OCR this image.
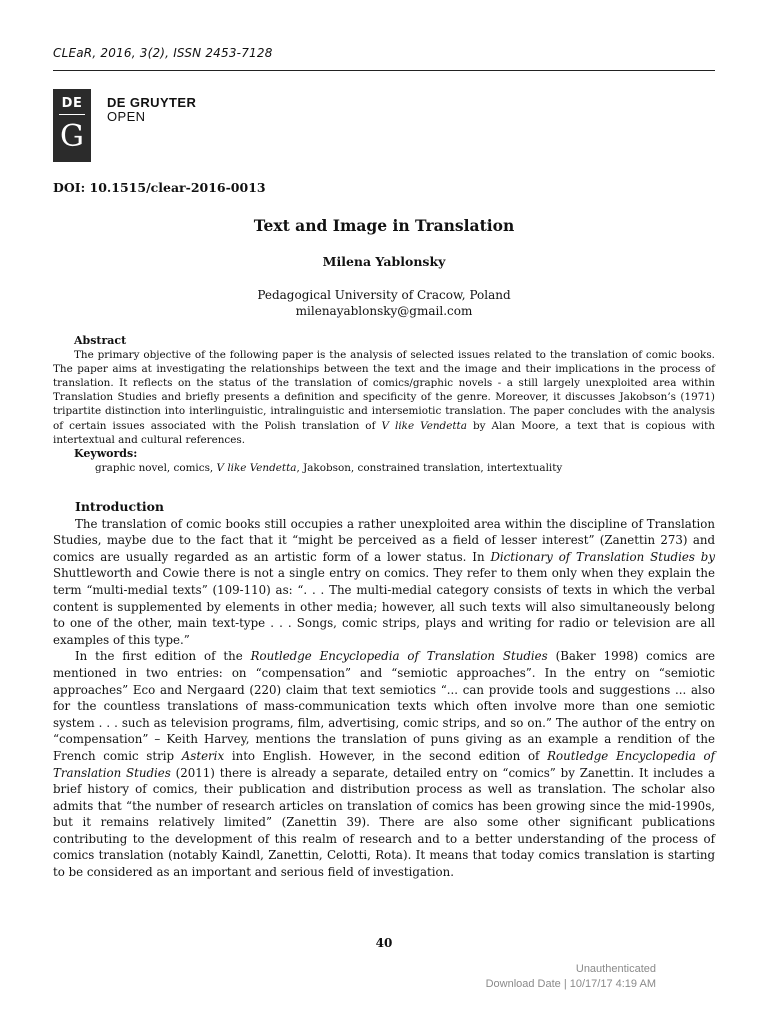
CLEaR, 2016, 3(2), ISSN 2453-7128
DE
G
DE GRUYTER
OPEN
DOI: 10.1515/clear-2016-0013
Text and Image in Translation
Milena Yablonsky
Pedagogical University of Cracow, Poland
milenayablonsky@gmail.com
Abstract

The primary objective of the following paper is the analysis of selected issues related to the translation of comic books. The paper aims at investigating the relationships between the text and the image and their implications in the process of translation. It reflects on the status of the translation of comics/graphic novels - a still largely unexploited area within Translation Studies and briefly presents a definition and specificity of the genre. Moreover, it discusses Jakobson’s (1971) tripartite distinction into interlinguistic, intralinguistic and intersemiotic translation. The paper concludes with the analysis of certain issues associated with the Polish translation of V like Vendetta by Alan Moore, a text that is copious with intertextual and cultural references.

Keywords:

graphic novel, comics, V like Vendetta, Jakobson, constrained translation, intertextuality

Introduction

The translation of comic books still occupies a rather unexploited area within the discipline of Translation Studies, maybe due to the fact that it “might be perceived as a field of lesser interest” (Zanettin 273) and comics are usually regarded as an artistic form of a lower status. In Dictionary of Translation Studies by Shuttleworth and Cowie there is not a single entry on comics. They refer to them only when they explain the term “multi-medial texts” (109-110) as: “. . . The multi-medial category consists of texts in which the verbal content is supplemented by elements in other media; however, all such texts will also simultaneously belong to one of the other, main text-type . . . Songs, comic strips, plays and writing for radio or television are all examples of this type.”

In the first edition of the Routledge Encyclopedia of Translation Studies (Baker 1998) comics are mentioned in two entries: on “compensation” and “semiotic approaches”. In the entry on “semiotic approaches” Eco and Nergaard (220) claim that text semiotics “... can provide tools and suggestions ... also for the countless translations of mass-communication texts which often involve more than one semiotic system . . . such as television programs, film, advertising, comic strips, and so on.” The author of the entry on “compensation” – Keith Harvey, mentions the translation of puns giving as an example a rendition of the French comic strip Asterix into English. However, in the second edition of Routledge Encyclopedia of Translation Studies (2011) there is already a separate, detailed entry on “comics” by Zanettin. It includes a brief history of comics, their publication and distribution process as well as translation. The scholar also admits that “the number of research articles on translation of comics has been growing since the mid-1990s, but it remains relatively limited” (Zanettin 39). There are also some other significant publications contributing to the development of this realm of research and to a better understanding of the process of comics translation (notably Kaindl, Zanettin, Celotti, Rota). It means that today comics translation is starting to be considered as an important and serious field of investigation.

40
Unauthenticated
Download Date | 10/17/17 4:19 AM
